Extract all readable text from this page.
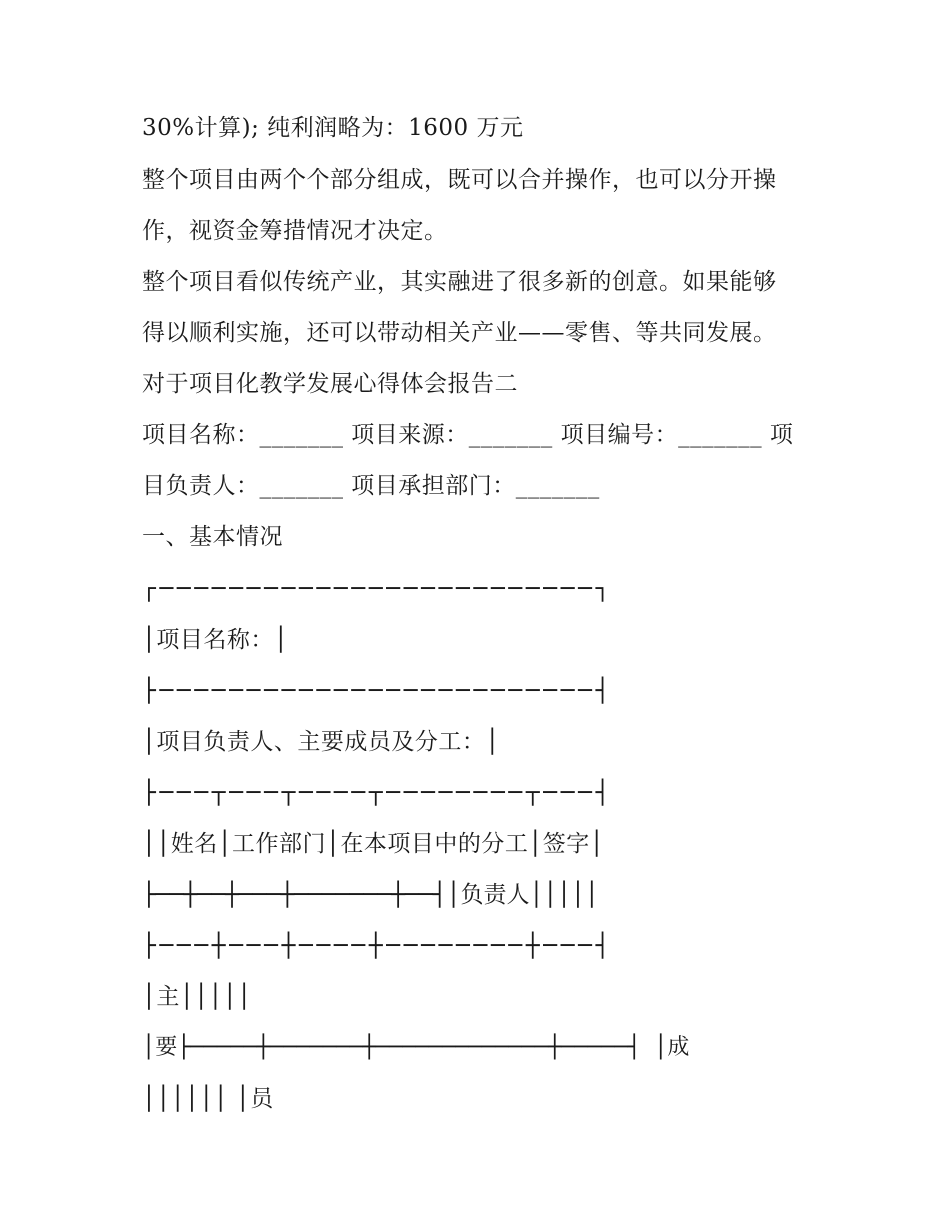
30%计算); 纯利润略为：1600 万元
整个项目由两个个部分组成，既可以合并操作，也可以分开操
作，视资金筹措情况才决定。
整个项目看似传统产业，其实融进了很多新的创意。如果能够
得以顺利实施，还可以带动相关产业——零售、等共同发展。
对于项目化教学发展心得体会报告二
项目名称：_______ 项目来源：_______ 项目编号：_______ 项
目负责人：_______ 项目承担部门：_______
一、基本情况
┌─────────────────────────┐
│项目名称：│
├─────────────────────────┤
│项目负责人、主要成员及分工：│
├───┬───┬────┬────────┬───┤
││姓名│工作部门│在本项目中的分工│签字│
├──┼──┼───┼───────┼──┤│负责人│││││
├───┼───┼────┼────────┼───┤
│主│││││
│要├─────┼───────┼─────────────┼─────┤ │成
││││││ │员
